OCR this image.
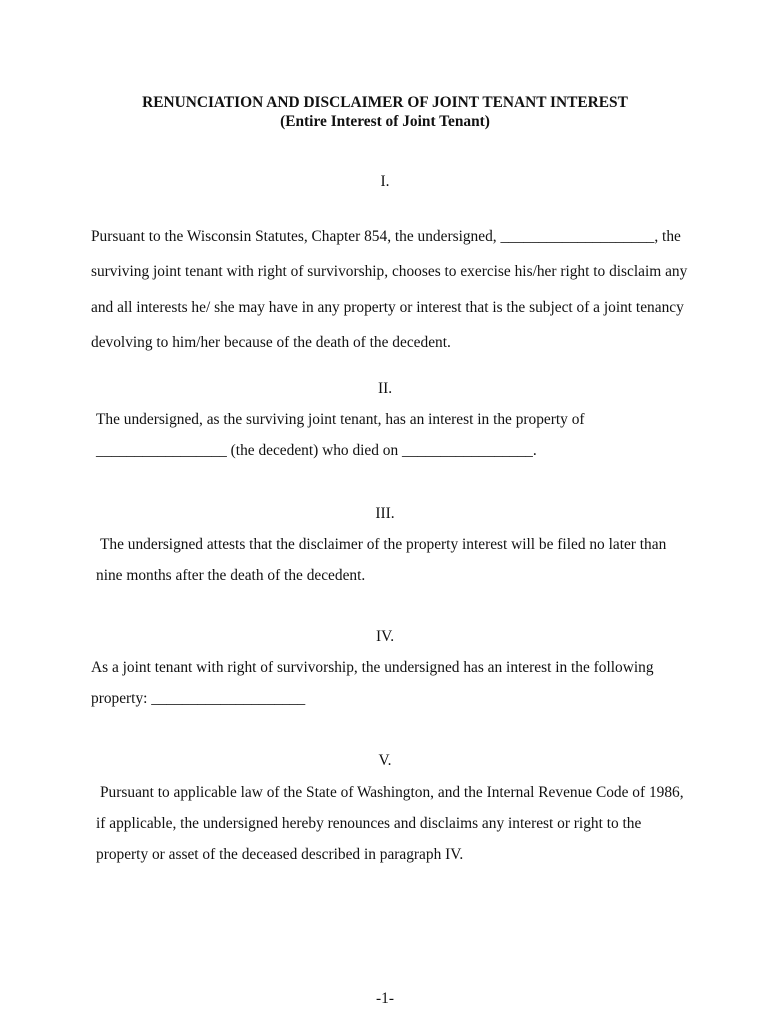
RENUNCIATION AND DISCLAIMER OF JOINT TENANT INTEREST
(Entire Interest of Joint Tenant)
I.
Pursuant to the Wisconsin Statutes, Chapter 854, the undersigned, ____________________, the
surviving joint tenant with right of survivorship, chooses to exercise his/her right to disclaim any
and all interests he/ she may have in any property or interest that is the subject of a joint tenancy
devolving to him/her because of the death of the decedent.
II.
The undersigned, as the surviving joint tenant, has an interest in the property of
_________________ (the decedent) who died on _________________.
III.
The undersigned attests that the disclaimer of the property interest will be filed no later than
nine months after the death of the decedent.
IV.
As a joint tenant with right of survivorship, the undersigned has an interest in the following
property: ____________________
V.
Pursuant to applicable law of the State of Washington, and the Internal Revenue Code of 1986,
if applicable, the undersigned hereby renounces and disclaims any interest or right to the
property or asset of the deceased described in paragraph IV.
-1-
